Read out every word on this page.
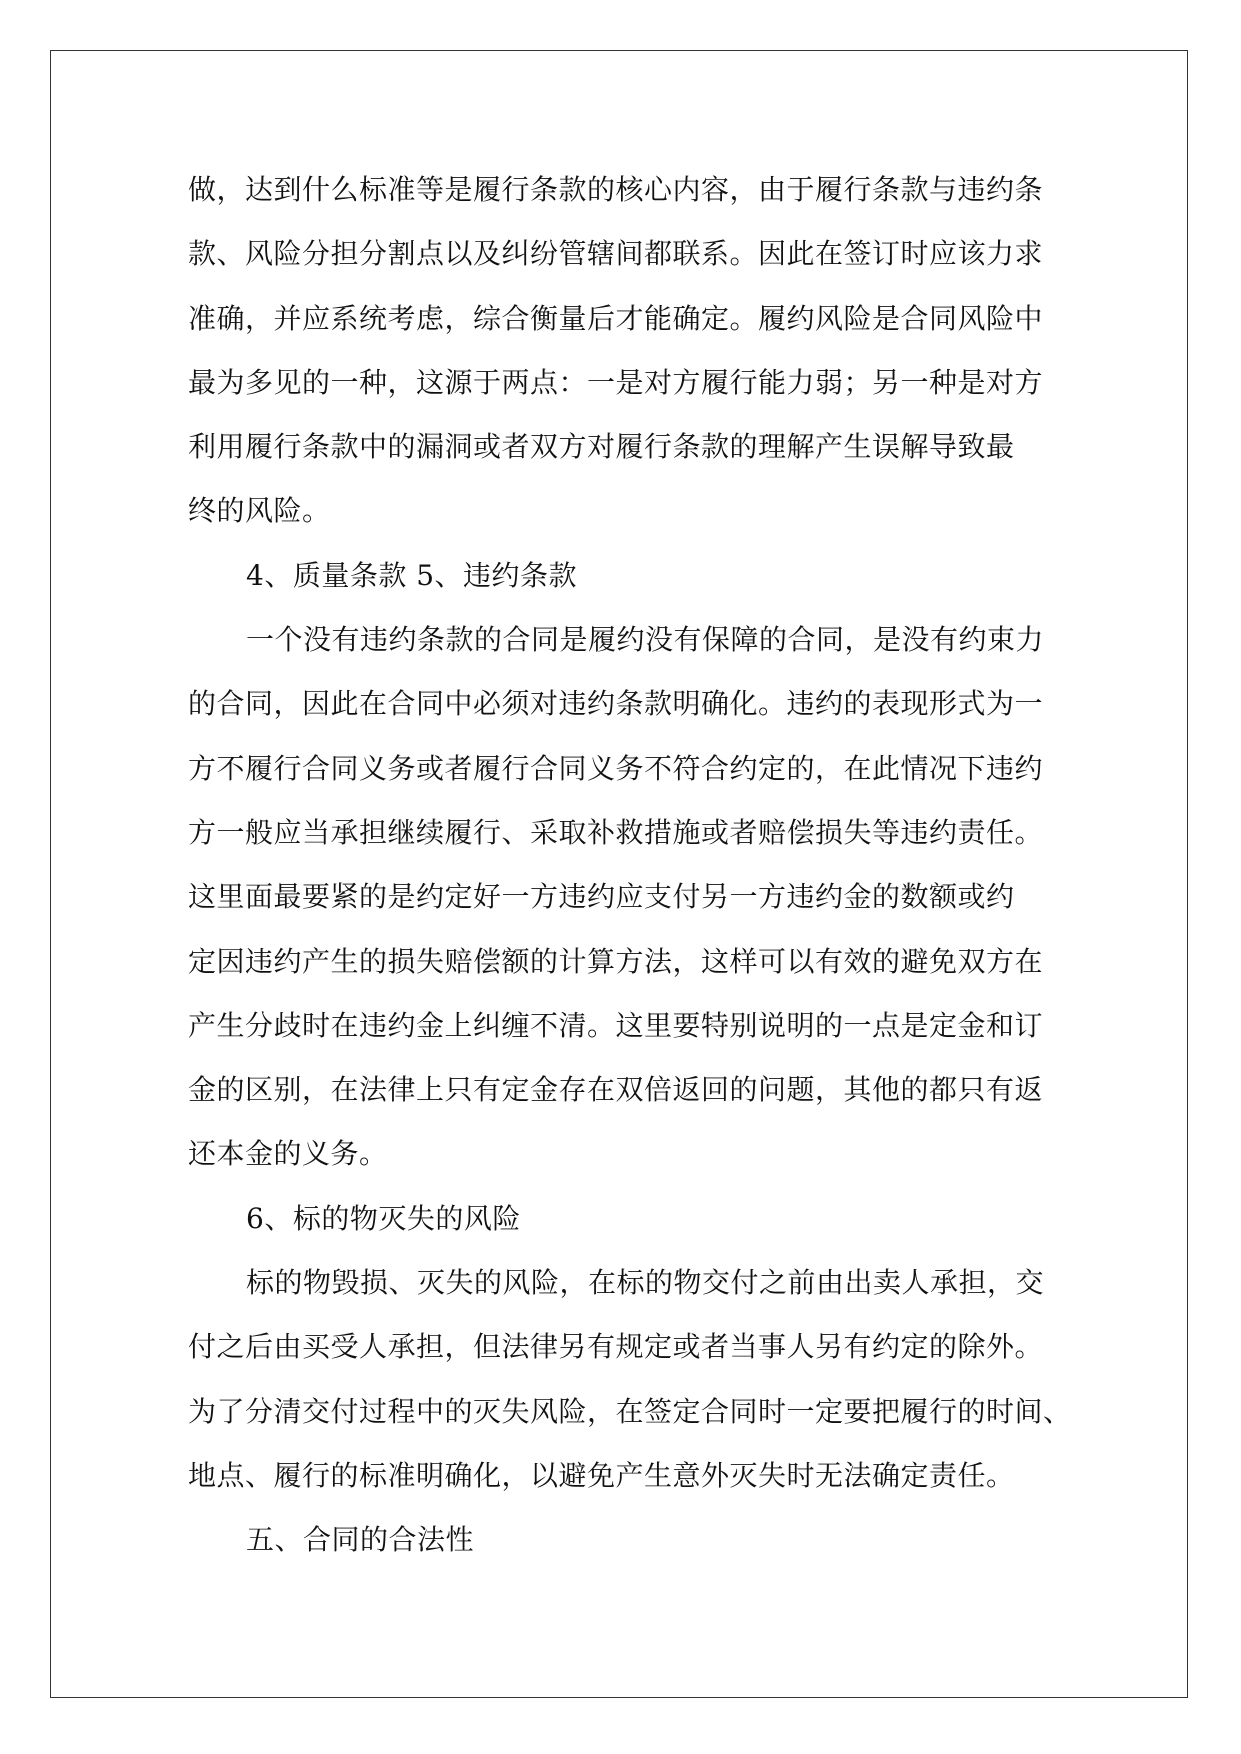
做，达到什么标准等是履行条款的核心内容，由于履行条款与违约条
款、风险分担分割点以及纠纷管辖间都联系。因此在签订时应该力求
准确，并应系统考虑，综合衡量后才能确定。履约风险是合同风险中
最为多见的一种，这源于两点：一是对方履行能力弱；另一种是对方
利用履行条款中的漏洞或者双方对履行条款的理解产生误解导致最
终的风险。
4、质量条款 5、违约条款
一个没有违约条款的合同是履约没有保障的合同，是没有约束力
的合同，因此在合同中必须对违约条款明确化。违约的表现形式为一
方不履行合同义务或者履行合同义务不符合约定的，在此情况下违约
方一般应当承担继续履行、采取补救措施或者赔偿损失等违约责任。
这里面最要紧的是约定好一方违约应支付另一方违约金的数额或约
定因违约产生的损失赔偿额的计算方法，这样可以有效的避免双方在
产生分歧时在违约金上纠缠不清。这里要特别说明的一点是定金和订
金的区别，在法律上只有定金存在双倍返回的问题，其他的都只有返
还本金的义务。
6、标的物灭失的风险
标的物毁损、灭失的风险，在标的物交付之前由出卖人承担，交
付之后由买受人承担，但法律另有规定或者当事人另有约定的除外。
为了分清交付过程中的灭失风险，在签定合同时一定要把履行的时间、
地点、履行的标准明确化，以避免产生意外灭失时无法确定责任。
五、合同的合法性
